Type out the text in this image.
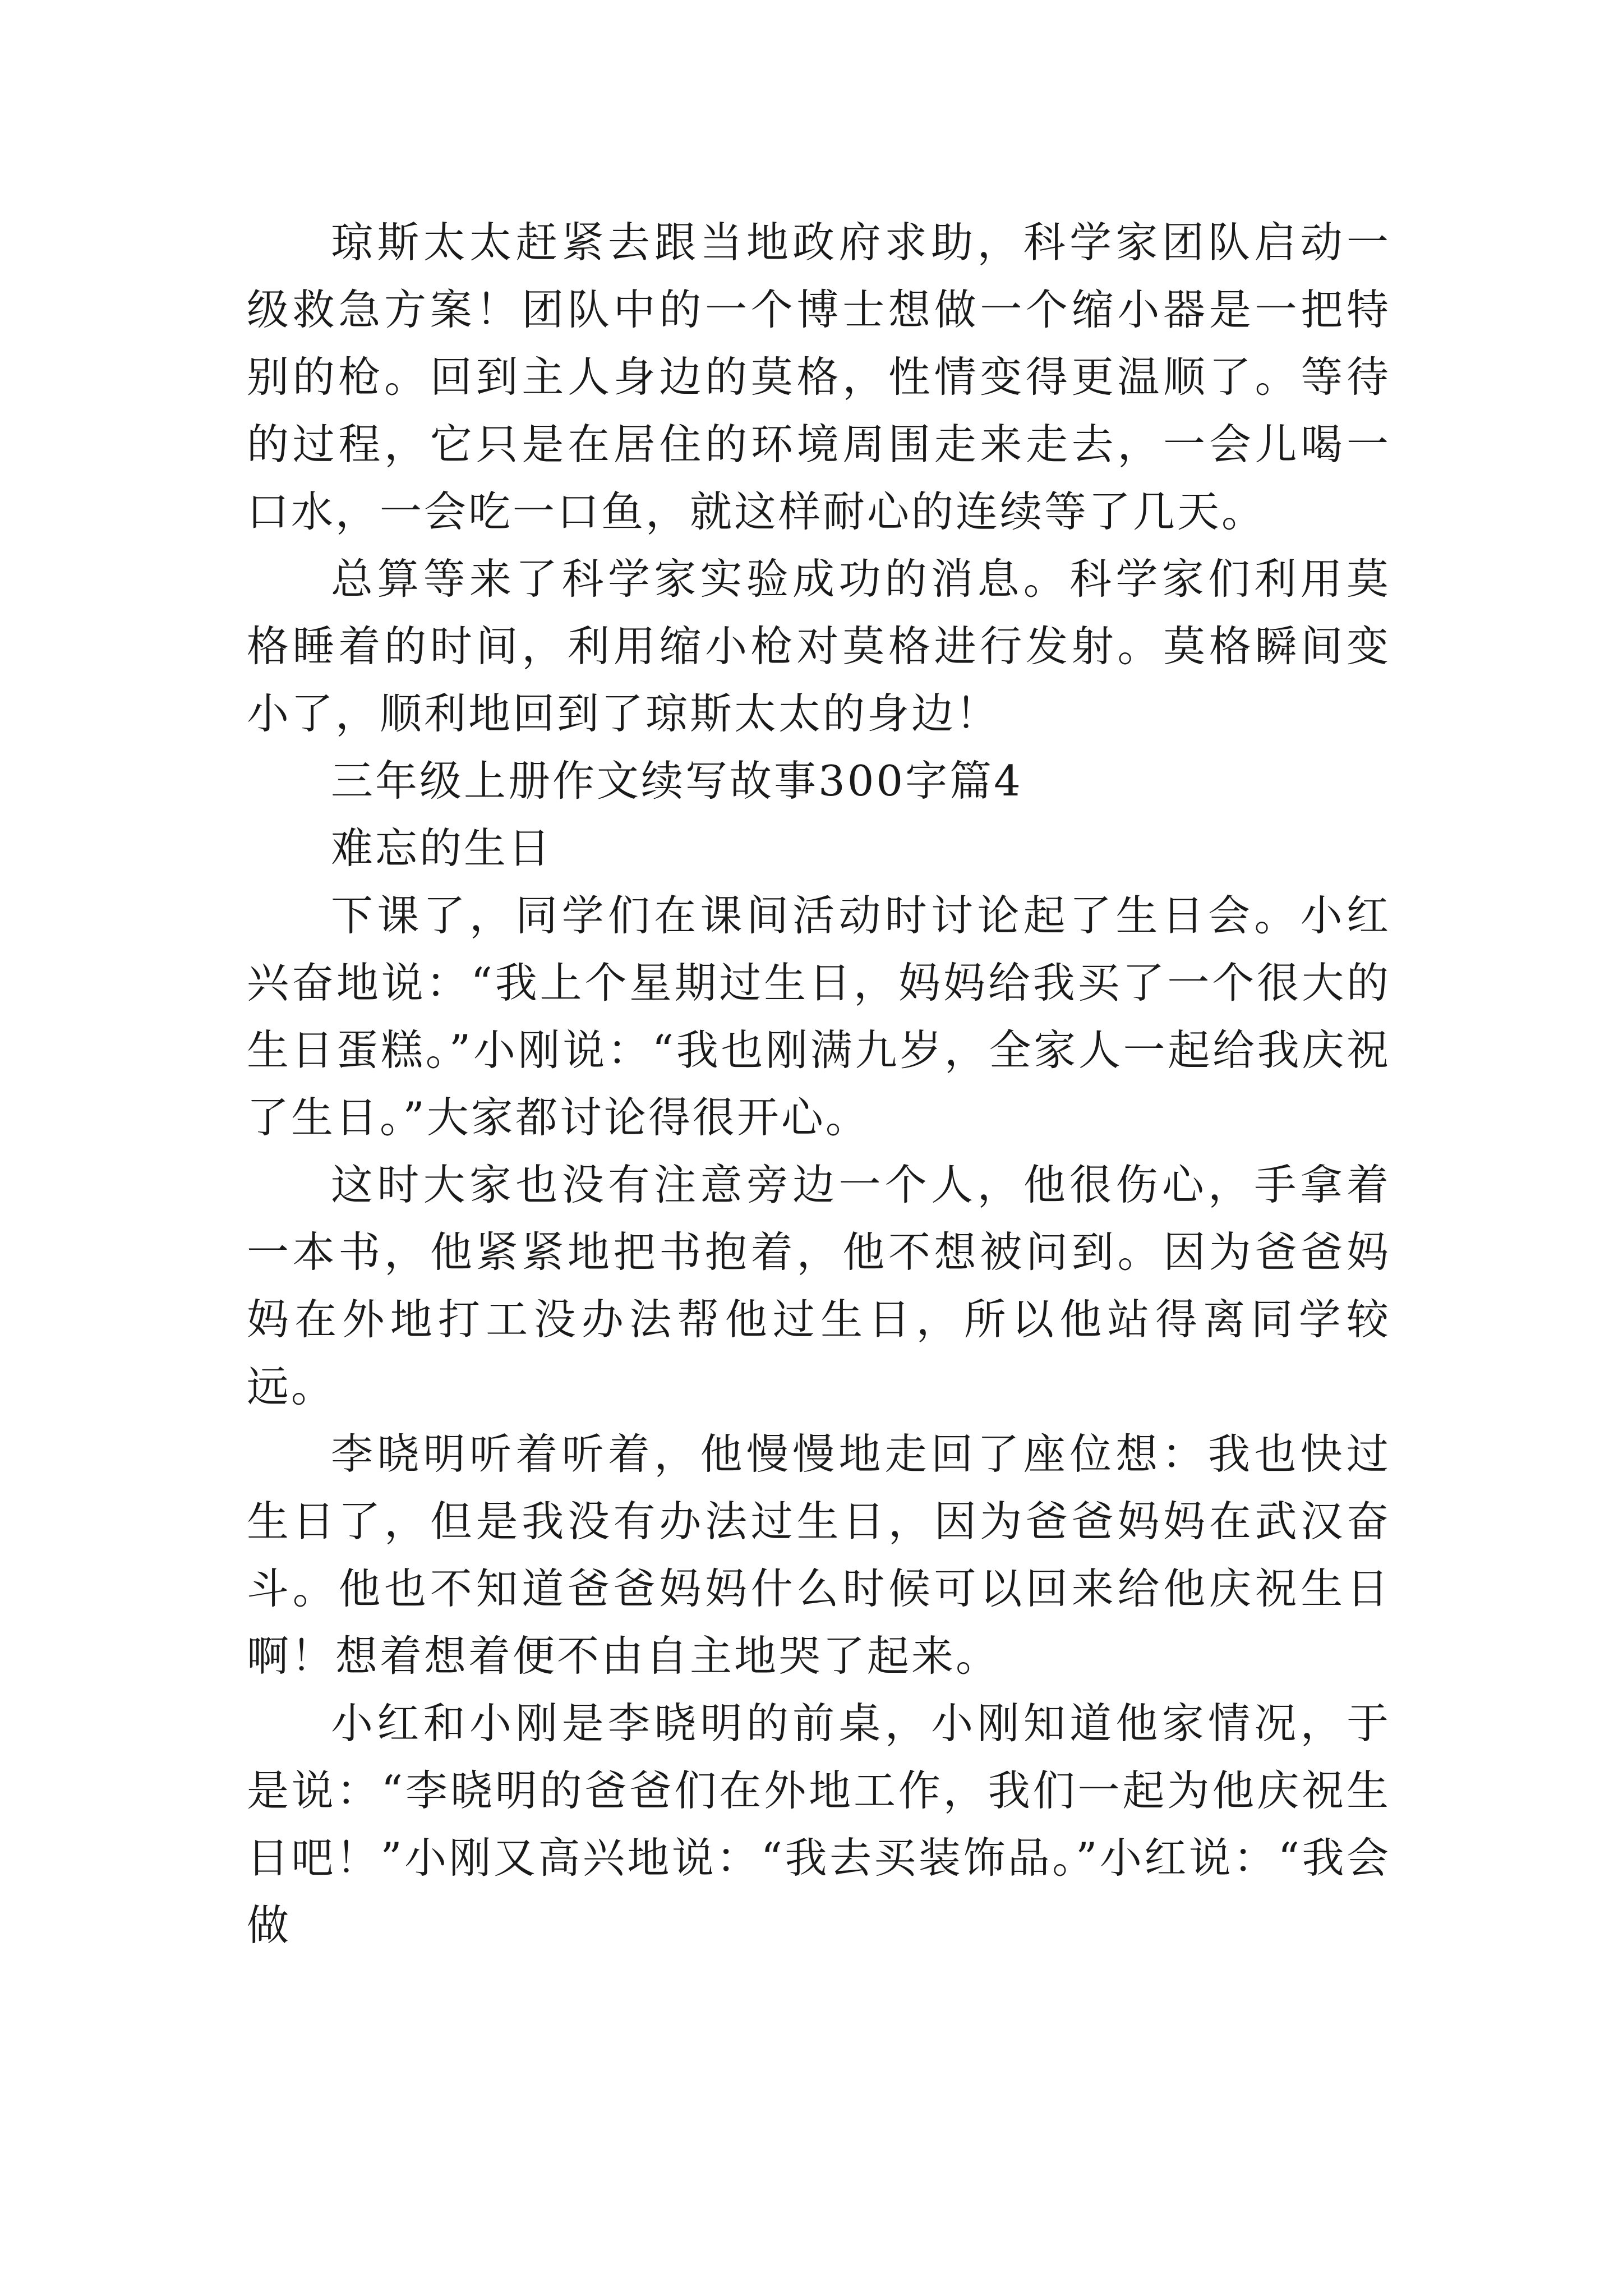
琼斯太太赶紧去跟当地政府求助，科学家团队启动一级救急方案！团队中的一个博士想做一个缩小器是一把特别的枪。回到主人身边的莫格，性情变得更温顺了。等待的过程，它只是在居住的环境周围走来走去，一会儿喝一口水，一会吃一口鱼，就这样耐心的连续等了几天。

总算等来了科学家实验成功的消息。科学家们利用莫格睡着的时间，利用缩小枪对莫格进行发射。莫格瞬间变小了，顺利地回到了琼斯太太的身边！

三年级上册作文续写故事300字篇4

难忘的生日

下课了，同学们在课间活动时讨论起了生日会。小红兴奋地说：“我上个星期过生日，妈妈给我买了一个很大的生日蛋糕。”小刚说：“我也刚满九岁，全家人一起给我庆祝了生日。”大家都讨论得很开心。

这时大家也没有注意旁边一个人，他很伤心，手拿着一本书，他紧紧地把书抱着，他不想被问到。因为爸爸妈妈在外地打工没办法帮他过生日，所以他站得离同学较远。

李晓明听着听着，他慢慢地走回了座位想：我也快过生日了，但是我没有办法过生日，因为爸爸妈妈在武汉奋斗。他也不知道爸爸妈妈什么时候可以回来给他庆祝生日啊！想着想着便不由自主地哭了起来。

小红和小刚是李晓明的前桌，小刚知道他家情况，于是说：“李晓明的爸爸们在外地工作，我们一起为他庆祝生日吧！”小刚又高兴地说：“我去买装饰品。”小红说：“我会做
